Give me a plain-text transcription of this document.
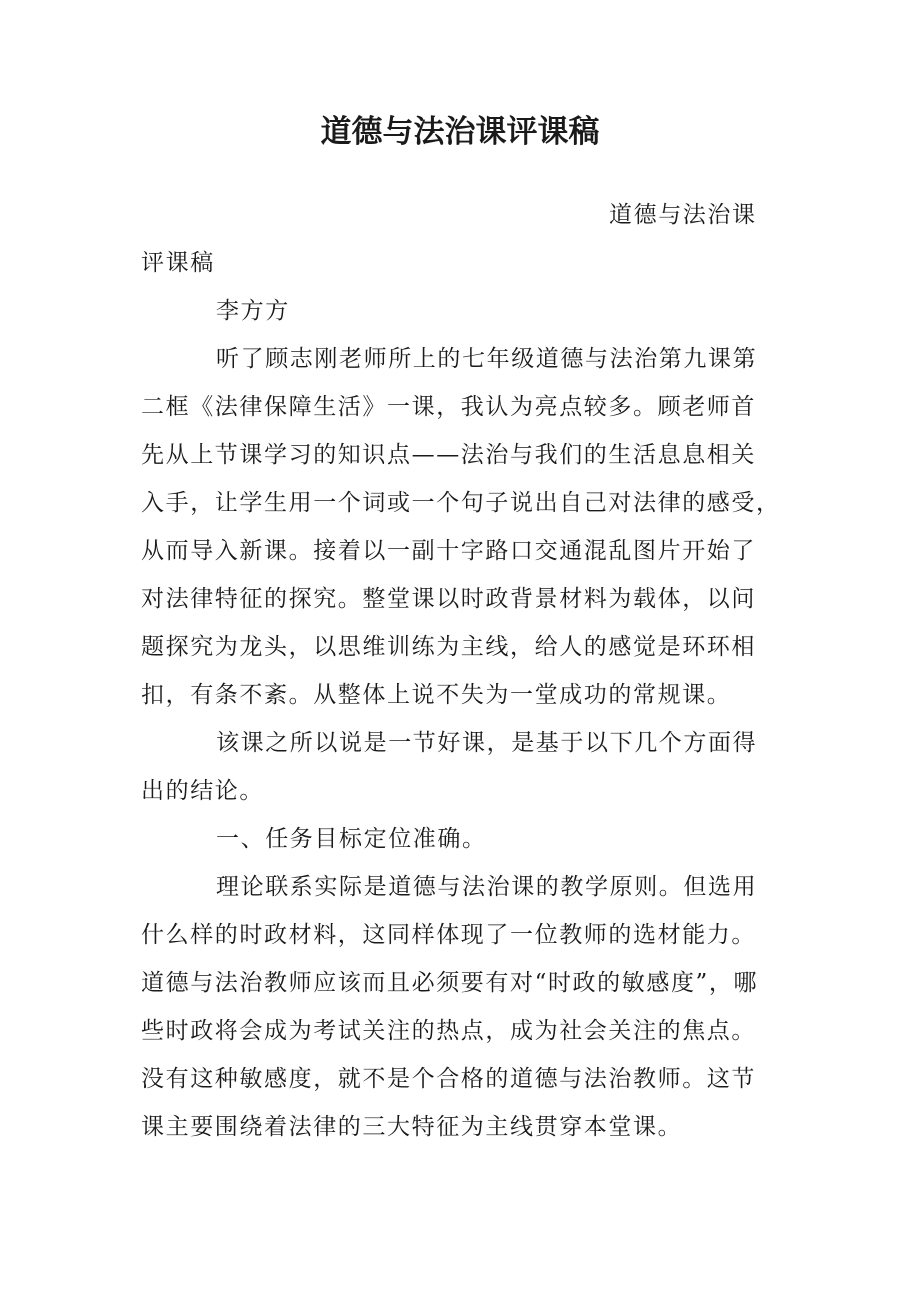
道德与法治课评课稿
道德与法治课
评课稿
李方方
听了顾志刚老师所上的七年级道德与法治第九课第
二框《法律保障生活》一课，我认为亮点较多。顾老师首
先从上节课学习的知识点——法治与我们的生活息息相关
入手，让学生用一个词或一个句子说出自己对法律的感受，
从而导入新课。接着以一副十字路口交通混乱图片开始了
对法律特征的探究。整堂课以时政背景材料为载体，以问
题探究为龙头，以思维训练为主线，给人的感觉是环环相
扣，有条不紊。从整体上说不失为一堂成功的常规课。
该课之所以说是一节好课，是基于以下几个方面得
出的结论。
一、任务目标定位准确。
理论联系实际是道德与法治课的教学原则。但选用
什么样的时政材料，这同样体现了一位教师的选材能力。
道德与法治教师应该而且必须要有对“时政的敏感度”，哪
些时政将会成为考试关注的热点，成为社会关注的焦点。
没有这种敏感度，就不是个合格的道德与法治教师。这节
课主要围绕着法律的三大特征为主线贯穿本堂课。
